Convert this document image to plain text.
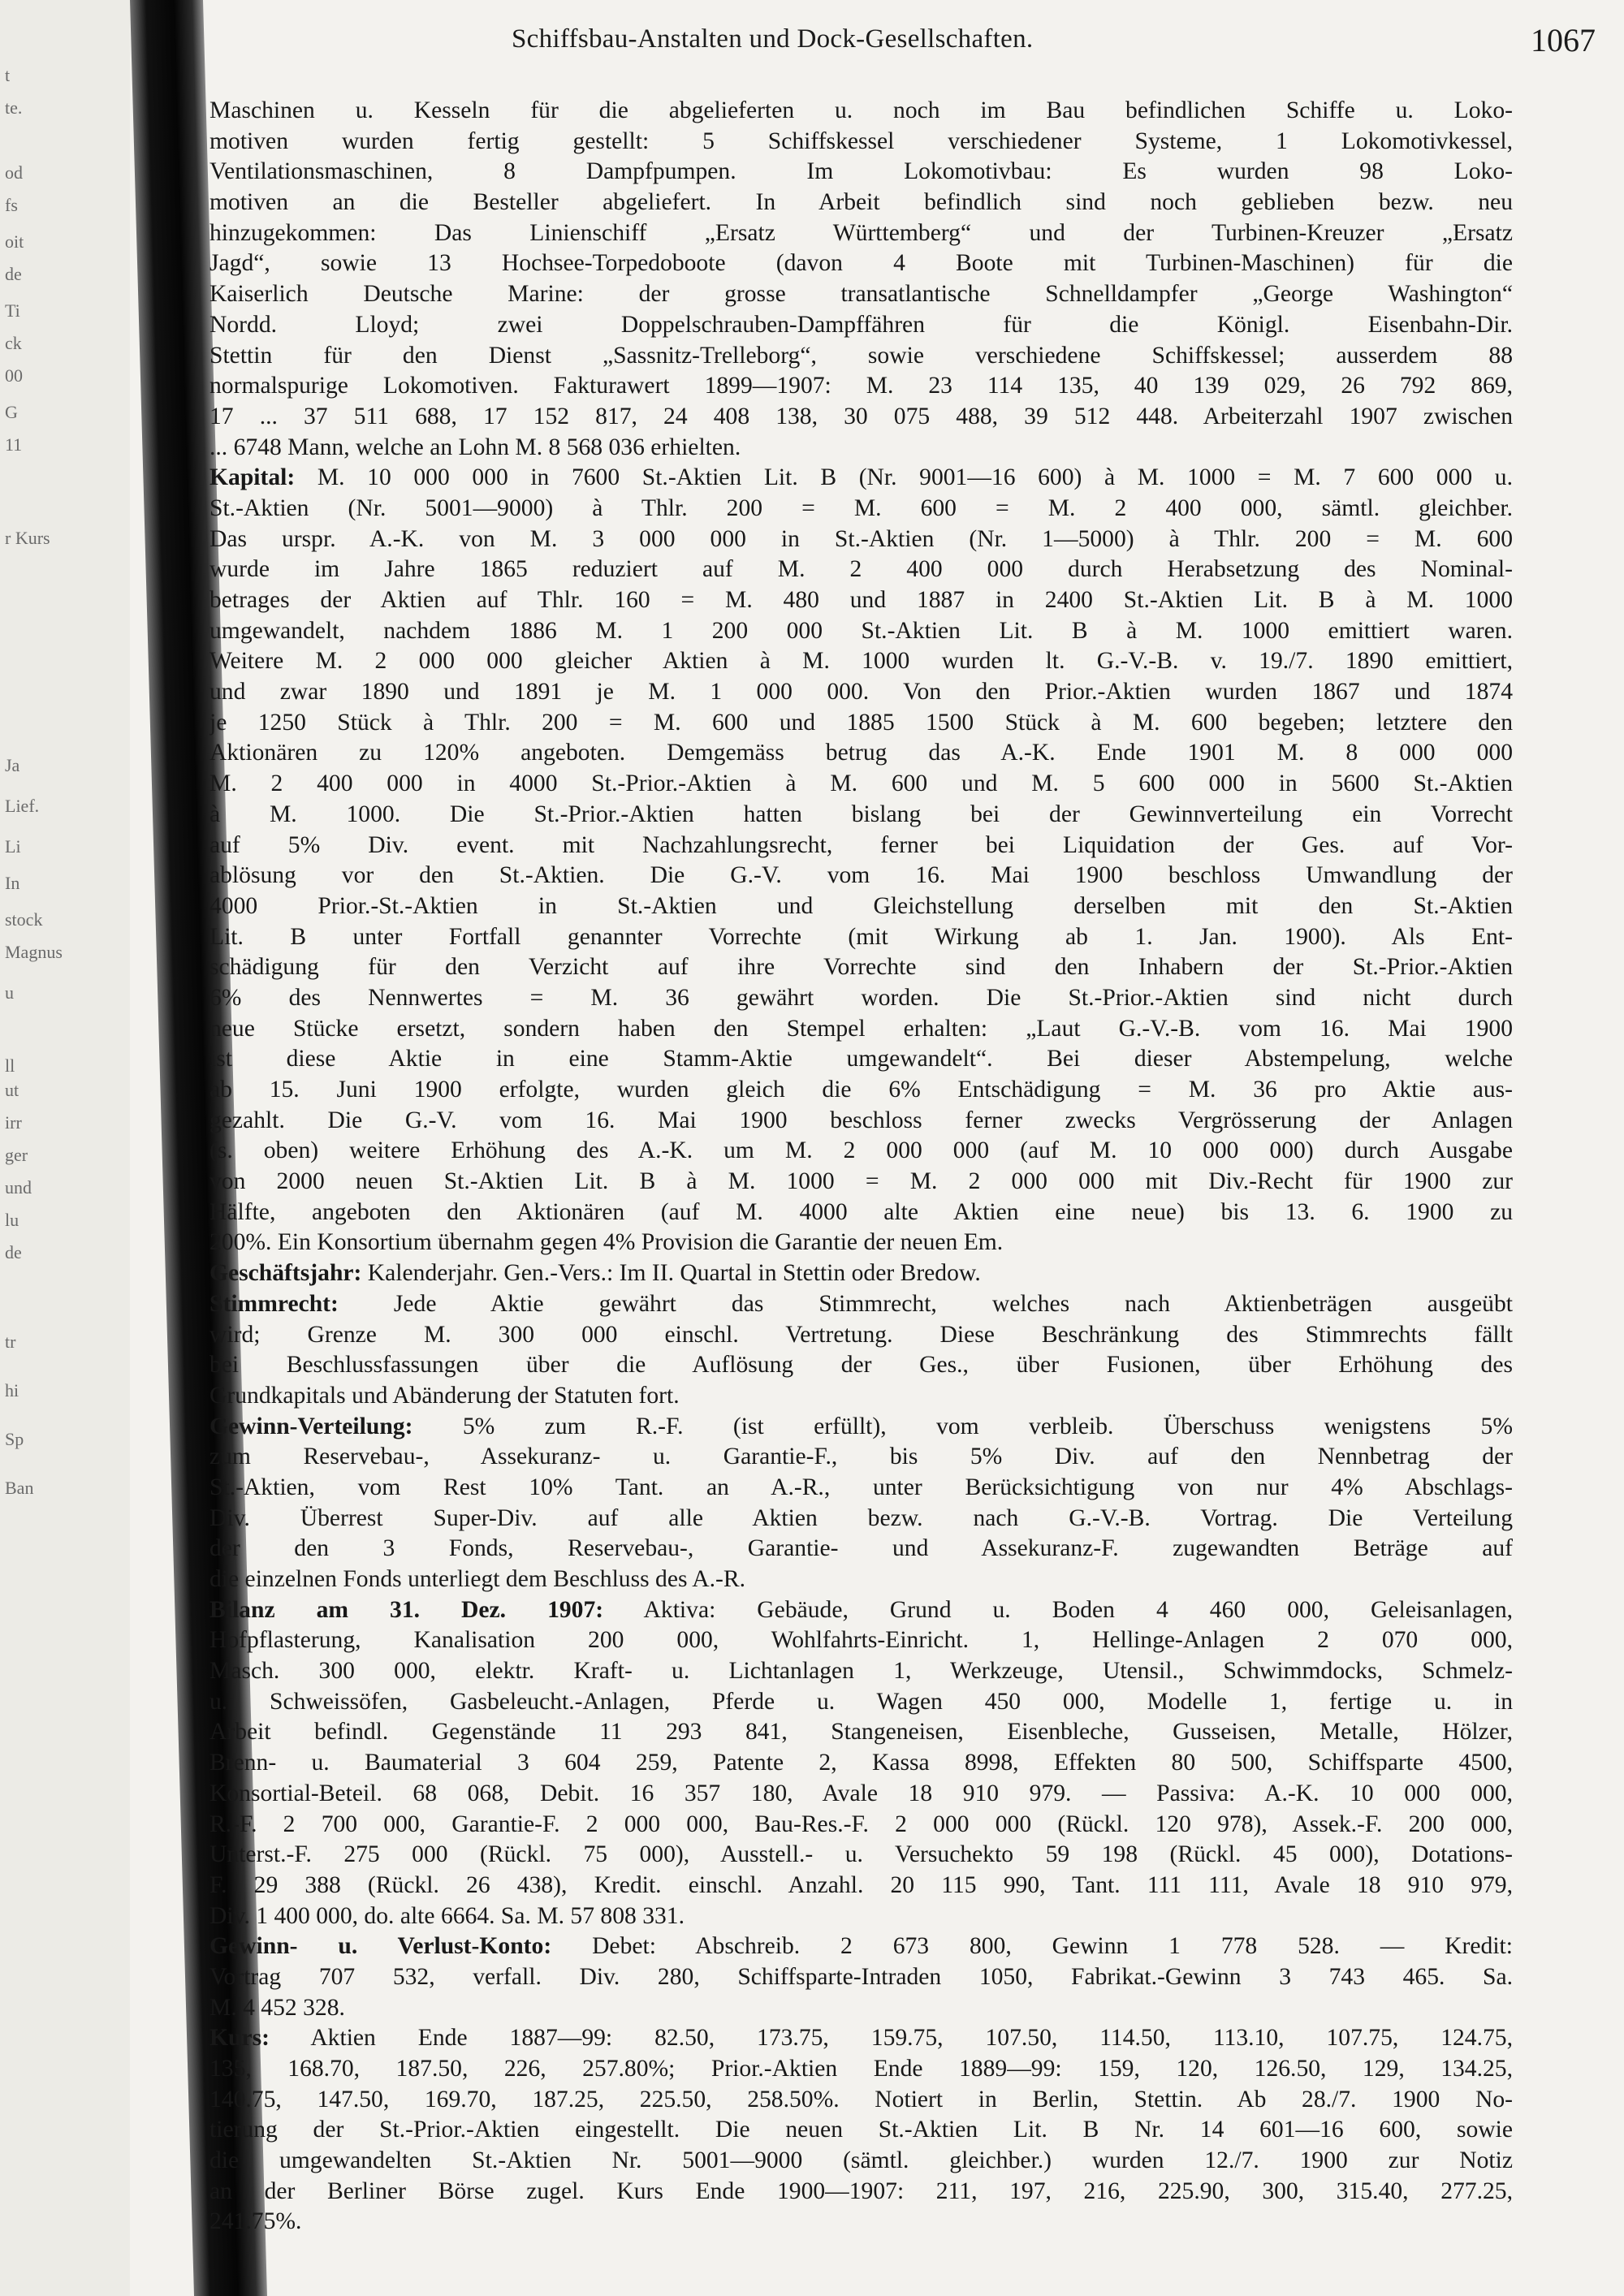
t
te.
od
fs
oit
de
Ti
ck
00
G
11
r Kurs
Ja
Lief.
Li
In
stock
Magnus
u
ll
ut
irr
ger
und
lu
de
tr
hi
Sp
Ban
Schiffsbau-Anstalten und Dock-Gesellschaften.	1067
Maschinen u. Kesseln für die abgelieferten u. noch im Bau befindlichen Schiffe u. Loko-
motiven wurden fertig gestellt: 5 Schiffskessel verschiedener Systeme, 1 Lokomotivkessel,
Ventilationsmaschinen, 8 Dampfpumpen. Im Lokomotivbau: Es wurden 98 Loko-
motiven an die Besteller abgeliefert. In Arbeit befindlich sind noch geblieben bezw. neu
hinzugekommen: Das Linienschiff „Ersatz Württemberg“ und der Turbinen-Kreuzer „Ersatz
Jagd“, sowie 13 Hochsee-Torpedoboote (davon 4 Boote mit Turbinen-Maschinen) für die
Kaiserlich Deutsche Marine: der grosse transatlantische Schnelldampfer „George Washington“
Nordd. Lloyd; zwei Doppelschrauben-Dampffähren für die Königl. Eisenbahn-Dir.
Stettin für den Dienst „Sassnitz-Trelleborg“, sowie verschiedene Schiffskessel; ausserdem 88
normalspurige Lokomotiven. Fakturawert 1899—1907: M. 23 114 135, 40 139 029, 26 792 869,
17 ... 37 511 688, 17 152 817, 24 408 138, 30 075 488, 39 512 448. Arbeiterzahl 1907 zwischen
... 6748 Mann, welche an Lohn M. 8 568 036 erhielten.
Kapital: M. 10 000 000 in 7600 St.-Aktien Lit. B (Nr. 9001—16 600) à M. 1000 = M. 7 600 000 u.
St.-Aktien (Nr. 5001—9000) à Thlr. 200 = M. 600 = M. 2 400 000, sämtl. gleichber.
Das urspr. A.-K. von M. 3 000 000 in St.-Aktien (Nr. 1—5000) à Thlr. 200 = M. 600
wurde im Jahre 1865 reduziert auf M. 2 400 000 durch Herabsetzung des Nominal-
betrages der Aktien auf Thlr. 160 = M. 480 und 1887 in 2400 St.-Aktien Lit. B à M. 1000
umgewandelt, nachdem 1886 M. 1 200 000 St.-Aktien Lit. B à M. 1000 emittiert waren.
Weitere M. 2 000 000 gleicher Aktien à M. 1000 wurden lt. G.-V.-B. v. 19./7. 1890 emittiert,
und zwar 1890 und 1891 je M. 1 000 000. Von den Prior.-Aktien wurden 1867 und 1874
je 1250 Stück à Thlr. 200 = M. 600 und 1885 1500 Stück à M. 600 begeben; letztere den
Aktionären zu 120% angeboten. Demgemäss betrug das A.-K. Ende 1901 M. 8 000 000
M. 2 400 000 in 4000 St.-Prior.-Aktien à M. 600 und M. 5 600 000 in 5600 St.-Aktien
à M. 1000. Die St.-Prior.-Aktien hatten bislang bei der Gewinnverteilung ein Vorrecht
auf 5% Div. event. mit Nachzahlungsrecht, ferner bei Liquidation der Ges. auf Vor-
ablösung vor den St.-Aktien. Die G.-V. vom 16. Mai 1900 beschloss Umwandlung der
4000 Prior.-St.-Aktien in St.-Aktien und Gleichstellung derselben mit den St.-Aktien
Lit. B unter Fortfall genannter Vorrechte (mit Wirkung ab 1. Jan. 1900). Als Ent-
schädigung für den Verzicht auf ihre Vorrechte sind den Inhabern der St.-Prior.-Aktien
6% des Nennwertes = M. 36 gewährt worden. Die St.-Prior.-Aktien sind nicht durch
neue Stücke ersetzt, sondern haben den Stempel erhalten: „Laut G.-V.-B. vom 16. Mai 1900
ist diese Aktie in eine Stamm-Aktie umgewandelt“. Bei dieser Abstempelung, welche
ab 15. Juni 1900 erfolgte, wurden gleich die 6% Entschädigung = M. 36 pro Aktie aus-
gezahlt. Die G.-V. vom 16. Mai 1900 beschloss ferner zwecks Vergrösserung der Anlagen
(s. oben) weitere Erhöhung des A.-K. um M. 2 000 000 (auf M. 10 000 000) durch Ausgabe
von 2000 neuen St.-Aktien Lit. B à M. 1000 = M. 2 000 000 mit Div.-Recht für 1900 zur
Hälfte, angeboten den Aktionären (auf M. 4000 alte Aktien eine neue) bis 13. 6. 1900 zu
200%. Ein Konsortium übernahm gegen 4% Provision die Garantie der neuen Em.
Geschäftsjahr: Kalenderjahr. Gen.-Vers.: Im II. Quartal in Stettin oder Bredow.
Stimmrecht: Jede Aktie gewährt das Stimmrecht, welches nach Aktienbeträgen ausgeübt
wird; Grenze M. 300 000 einschl. Vertretung. Diese Beschränkung des Stimmrechts fällt
bei Beschlussfassungen über die Auflösung der Ges., über Fusionen, über Erhöhung des
Grundkapitals und Abänderung der Statuten fort.
Gewinn-Verteilung: 5% zum R.-F. (ist erfüllt), vom verbleib. Überschuss wenigstens 5%
zum Reservebau-, Assekuranz- u. Garantie-F., bis 5% Div. auf den Nennbetrag der
St.-Aktien, vom Rest 10% Tant. an A.-R., unter Berücksichtigung von nur 4% Abschlags-
Div. Überrest Super-Div. auf alle Aktien bezw. nach G.-V.-B. Vortrag. Die Verteilung
der den 3 Fonds, Reservebau-, Garantie- und Assekuranz-F. zugewandten Beträge auf
die einzelnen Fonds unterliegt dem Beschluss des A.-R.
Bilanz am 31. Dez. 1907: Aktiva: Gebäude, Grund u. Boden 4 460 000, Geleisanlagen,
Hofpflasterung, Kanalisation 200 000, Wohlfahrts-Einricht. 1, Hellinge-Anlagen 2 070 000,
Masch. 300 000, elektr. Kraft- u. Lichtanlagen 1, Werkzeuge, Utensil., Schwimmdocks, Schmelz-
u. Schweissöfen, Gasbeleucht.-Anlagen, Pferde u. Wagen 450 000, Modelle 1, fertige u. in
Arbeit befindl. Gegenstände 11 293 841, Stangeneisen, Eisenbleche, Gusseisen, Metalle, Hölzer,
Brenn- u. Baumaterial 3 604 259, Patente 2, Kassa 8998, Effekten 80 500, Schiffsparte 4500,
Konsortial-Beteil. 68 068, Debit. 16 357 180, Avale 18 910 979. — Passiva: A.-K. 10 000 000,
R.-F. 2 700 000, Garantie-F. 2 000 000, Bau-Res.-F. 2 000 000 (Rückl. 120 978), Assek.-F. 200 000,
Unterst.-F. 275 000 (Rückl. 75 000), Ausstell.- u. Versuchekto 59 198 (Rückl. 45 000), Dotations-
F. 29 388 (Rückl. 26 438), Kredit. einschl. Anzahl. 20 115 990, Tant. 111 111, Avale 18 910 979,
Div. 1 400 000, do. alte 6664. Sa. M. 57 808 331.
Gewinn- u. Verlust-Konto: Debet: Abschreib. 2 673 800, Gewinn 1 778 528. — Kredit:
Vortrag 707 532, verfall. Div. 280, Schiffsparte-Intraden 1050, Fabrikat.-Gewinn 3 743 465. Sa.
M. 4 452 328.
Kurs: Aktien Ende 1887—99: 82.50, 173.75, 159.75, 107.50, 114.50, 113.10, 107.75, 124.75,
135, 168.70, 187.50, 226, 257.80%; Prior.-Aktien Ende 1889—99: 159, 120, 126.50, 129, 134.25,
140.75, 147.50, 169.70, 187.25, 225.50, 258.50%. Notiert in Berlin, Stettin. Ab 28./7. 1900 No-
tierung der St.-Prior.-Aktien eingestellt. Die neuen St.-Aktien Lit. B Nr. 14 601—16 600, sowie
die umgewandelten St.-Aktien Nr. 5001—9000 (sämtl. gleichber.) wurden 12./7. 1900 zur Notiz
an der Berliner Börse zugel. Kurs Ende 1900—1907: 211, 197, 216, 225.90, 300, 315.40, 277.25,
241.75%.
